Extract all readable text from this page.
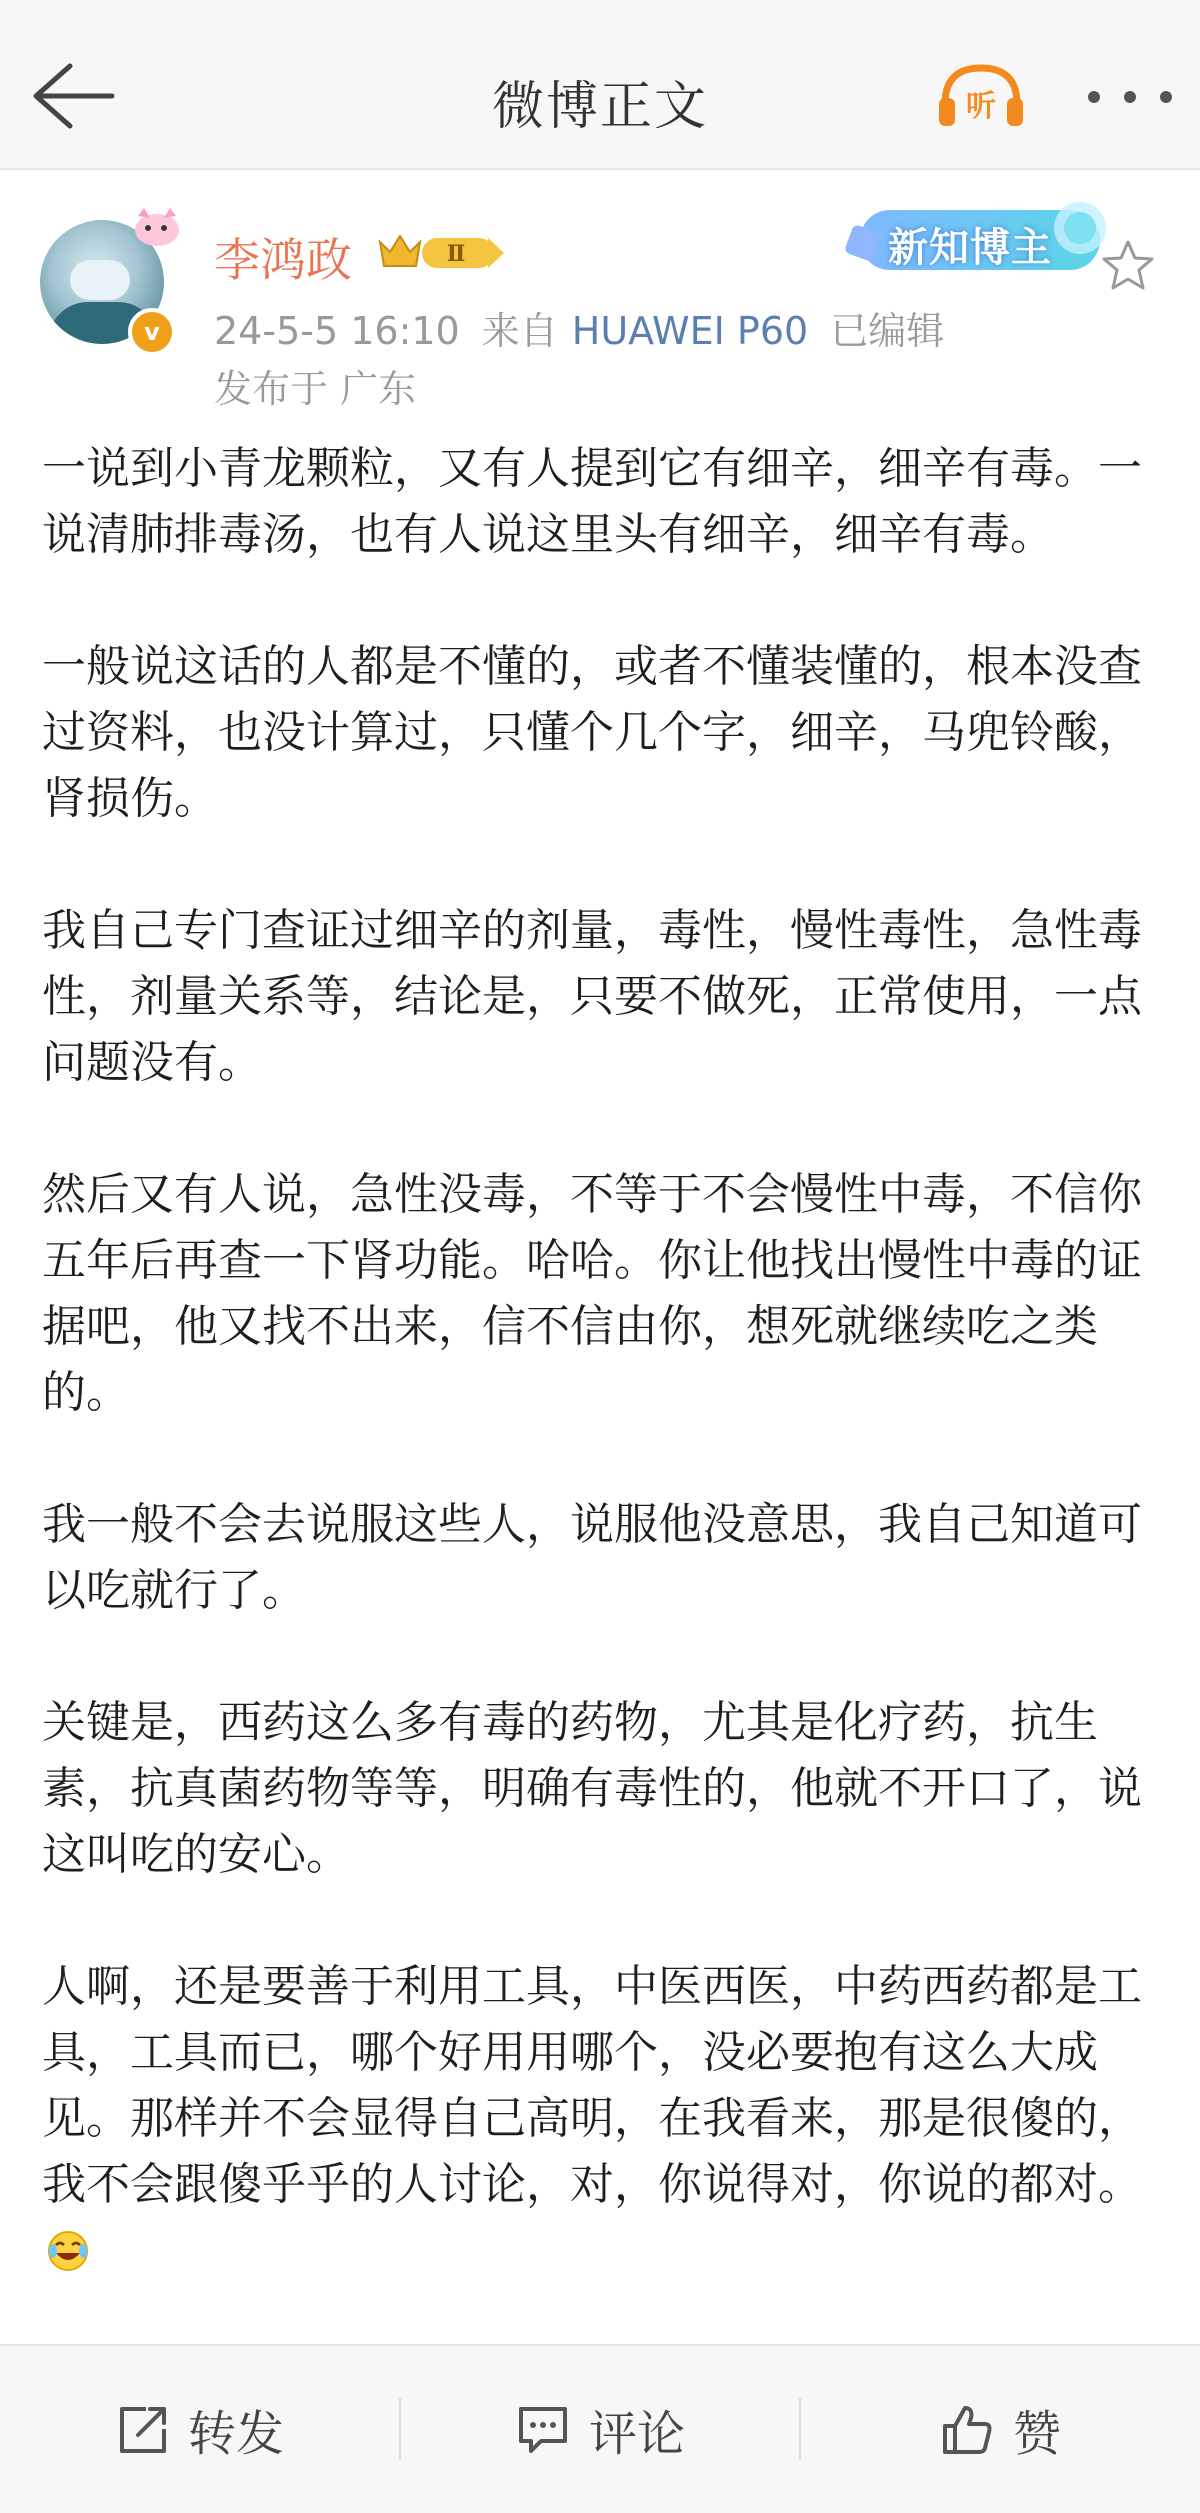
微博正文	听
v
李鸿政	Ⅱ	新知博主
24-5-5 16:10 来自 HUAWEI P60 已编辑
发布于 广东

一说到小青龙颗粒，又有人提到它有细辛，细辛有毒。一说清肺排毒汤，也有人说这里头有细辛，细辛有毒。

一般说这话的人都是不懂的，或者不懂装懂的，根本没查过资料，也没计算过，只懂个几个字，细辛，马兜铃酸，肾损伤。

我自己专门查证过细辛的剂量，毒性，慢性毒性，急性毒性，剂量关系等，结论是，只要不做死，正常使用，一点问题没有。

然后又有人说，急性没毒，不等于不会慢性中毒，不信你五年后再查一下肾功能。哈哈。你让他找出慢性中毒的证据吧，他又找不出来，信不信由你，想死就继续吃之类的。

我一般不会去说服这些人，说服他没意思，我自己知道可以吃就行了。

关键是，西药这么多有毒的药物，尤其是化疗药，抗生素，抗真菌药物等等，明确有毒性的，他就不开口了，说这叫吃的安心。

人啊，还是要善于利用工具，中医西医，中药西药都是工具，工具而已，哪个好用用哪个，没必要抱有这么大成见。那样并不会显得自己高明，在我看来，那是很傻的，我不会跟傻乎乎的人讨论，对，你说得对，你说的都对。

转发	评论	赞
